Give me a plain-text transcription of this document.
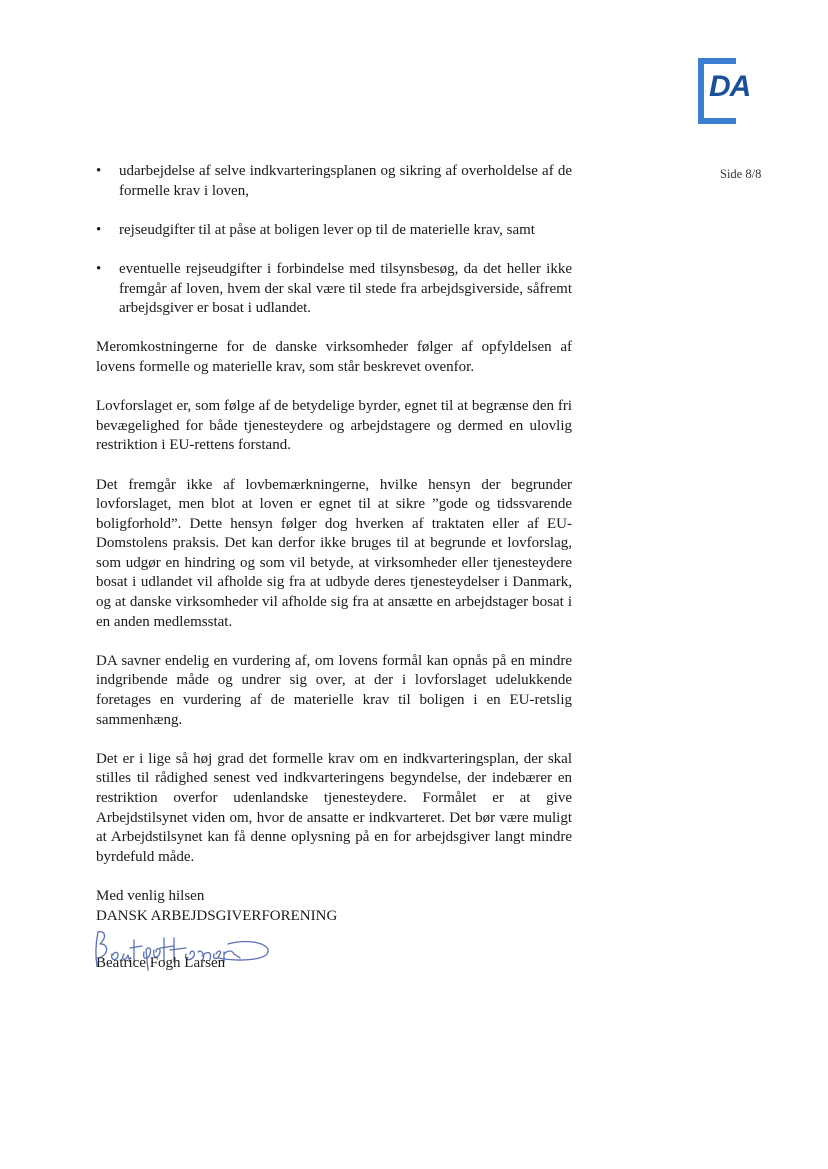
DA
Side 8/8
• udarbejdelse af selve indkvarteringsplanen og sikring af overholdelse af de formelle krav i loven,
• rejseudgifter til at påse at boligen lever op til de materielle krav, samt
• eventuelle rejseudgifter i forbindelse med tilsynsbesøg, da det heller ikke fremgår af loven, hvem der skal være til stede fra arbejdsgiverside, såfremt arbejdsgiver er bosat i udlandet.

Meromkostningerne for de danske virksomheder følger af opfyldelsen af lovens formelle og materielle krav, som står beskrevet ovenfor.

Lovforslaget er, som følge af de betydelige byrder, egnet til at begrænse den fri bevægelighed for både tjenesteydere og arbejdstagere og dermed en ulovlig restriktion i EU-rettens forstand.

Det fremgår ikke af lovbemærkningerne, hvilke hensyn der begrunder lovforslaget, men blot at loven er egnet til at sikre ”gode og tidssvarende boligforhold”. Dette hensyn følger dog hverken af traktaten eller af EU-Domstolens praksis. Det kan derfor ikke bruges til at begrunde et lovforslag, som udgør en hindring og som vil betyde, at virksomheder eller tjenesteydere bosat i udlandet vil afholde sig fra at udbyde deres tjenesteydelser i Danmark, og at danske virksomheder vil afholde sig fra at ansætte en arbejdstager bosat i en anden medlemsstat.

DA savner endelig en vurdering af, om lovens formål kan opnås på en mindre indgribende måde og undrer sig over, at der i lovforslaget udelukkende foretages en vurdering af de materielle krav til boligen i en EU-retslig sammenhæng.

Det er i lige så høj grad det formelle krav om en indkvarteringsplan, der skal stilles til rådighed senest ved indkvarteringens begyndelse, der indebærer en restriktion overfor udenlandske tjenesteydere. Formålet er at give Arbejdstilsynet viden om, hvor de ansatte er indkvarteret. Det bør være muligt at Arbejdstilsynet kan få denne oplysning på en for arbejdsgiver langt mindre byrdefuld måde.

Med venlig hilsen
DANSK ARBEJDSGIVERFORENING
Beatrice Fogh Larsen
